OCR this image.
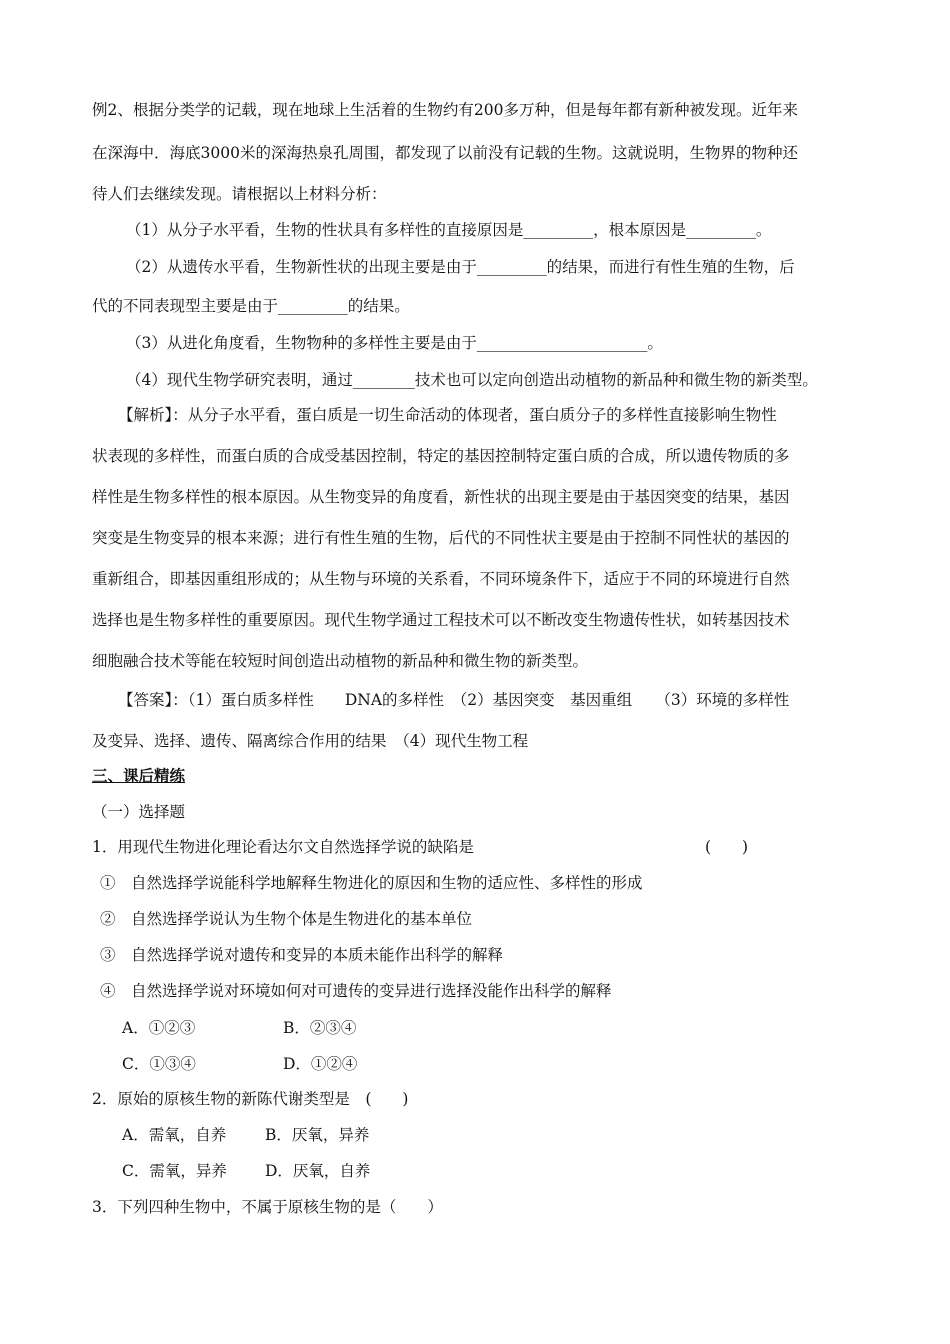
例2、根据分类学的记载，现在地球上生活着的生物约有200多万种，但是每年都有新种被发现。近年来
在深海中．海底3000米的深海热泉孔周围，都发现了以前没有记载的生物。这就说明，生物界的物种还
待人们去继续发现。请根据以上材料分析：
（1）从分子水平看，生物的性状具有多样性的直接原因是_________，根本原因是_________。
（2）从遗传水平看，生物新性状的出现主要是由于_________的结果，而进行有性生殖的生物，后
代的不同表现型主要是由于_________的结果。
（3）从进化角度看，生物物种的多样性主要是由于______________________。
（4）现代生物学研究表明，通过________技术也可以定向创造出动植物的新品种和微生物的新类型。
【解析】：从分子水平看，蛋白质是一切生命活动的体现者，蛋白质分子的多样性直接影响生物性
状表现的多样性，而蛋白质的合成受基因控制，特定的基因控制特定蛋白质的合成，所以遗传物质的多
样性是生物多样性的根本原因。从生物变异的角度看，新性状的出现主要是由于基因突变的结果，基因
突变是生物变异的根本来源；进行有性生殖的生物，后代的不同性状主要是由于控制不同性状的基因的
重新组合，即基因重组形成的；从生物与环境的关系看，不同环境条件下，适应于不同的环境进行自然
选择也是生物多样性的重要原因。现代生物学通过工程技术可以不断改变生物遗传性状，如转基因技术
细胞融合技术等能在较短时间创造出动植物的新品种和微生物的新类型。
【答案】：（1）蛋白质多样性　　DNA的多样性　（2）基因突变　基因重组　　（3）环境的多样性
及变异、选择、遗传、隔离综合作用的结果　（4）现代生物工程
三、课后精练
（一）选择题
1．用现代生物进化理论看达尔文自然选择学说的缺陷是	(　　)
①　自然选择学说能科学地解释生物进化的原因和生物的适应性、多样性的形成
②　自然选择学说认为生物个体是生物进化的基本单位
③　自然选择学说对遗传和变异的本质未能作出科学的解释
④　自然选择学说对环境如何对可遗传的变异进行选择没能作出科学的解释
A．①②③	B．②③④
C．①③④	D．①②④
2．原始的原核生物的新陈代谢类型是　(　　)
A．需氧，自养	B．厌氧，异养
C．需氧，异养 D．厌氧，自养
3．下列四种生物中，不属于原核生物的是（　　）
